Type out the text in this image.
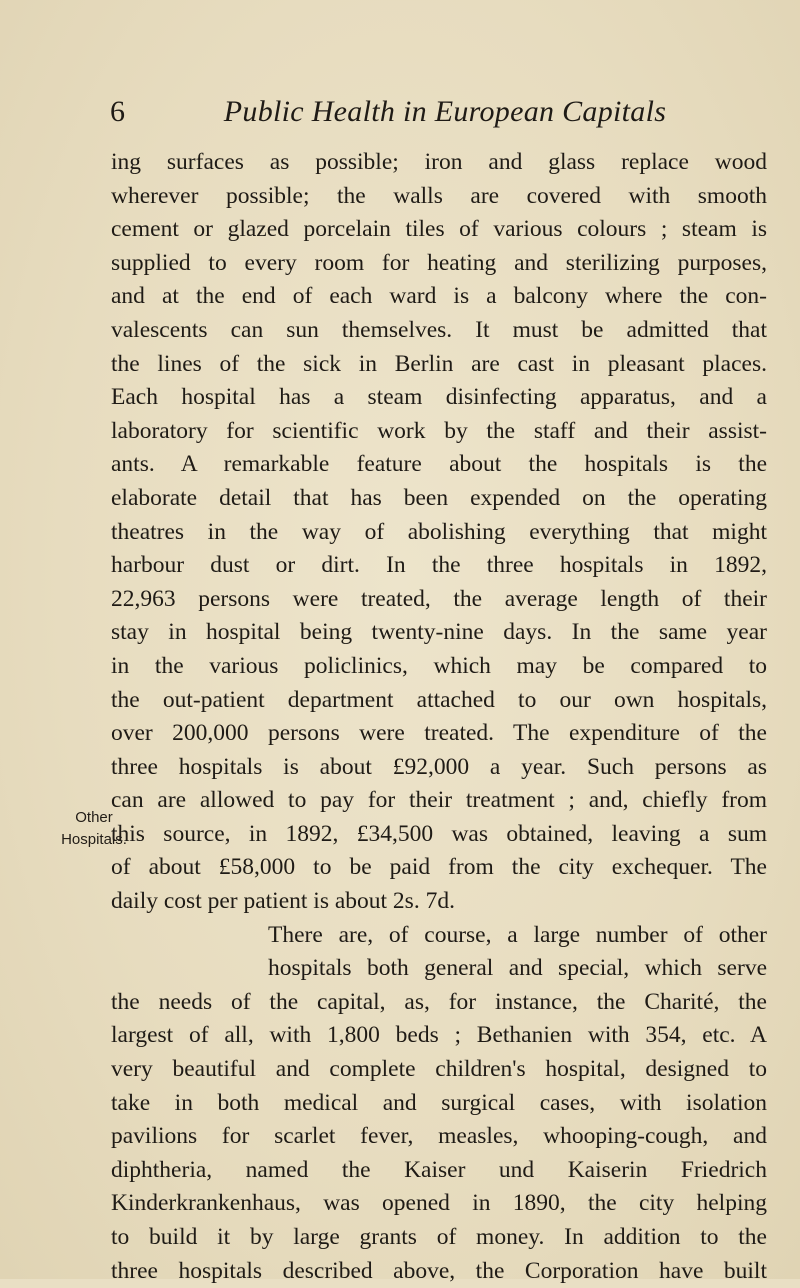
6	Public Health in European Capitals
Other
Hospitals.
ing surfaces as possible; iron and glass replace wood
wherever possible; the walls are covered with smooth
cement or glazed porcelain tiles of various colours ; steam is
supplied to every room for heating and sterilizing purposes,
and at the end of each ward is a balcony where the con-
valescents can sun themselves. It must be admitted that
the lines of the sick in Berlin are cast in pleasant places.
Each hospital has a steam disinfecting apparatus, and a
laboratory for scientific work by the staff and their assist-
ants. A remarkable feature about the hospitals is the
elaborate detail that has been expended on the operating
theatres in the way of abolishing everything that might
harbour dust or dirt. In the three hospitals in 1892,
22,963 persons were treated, the average length of their
stay in hospital being twenty-nine days. In the same year
in the various policlinics, which may be compared to
the out-patient department attached to our own hospitals,
over 200,000 persons were treated. The expenditure of the
three hospitals is about £92,000 a year. Such persons as
can are allowed to pay for their treatment ; and, chiefly from
this source, in 1892, £34,500 was obtained, leaving a sum
of about £58,000 to be paid from the city exchequer. The
daily cost per patient is about 2s. 7d.
There are, of course, a large number of other
hospitals both general and special, which serve
the needs of the capital, as, for instance, the Charité, the
largest of all, with 1,800 beds ; Bethanien with 354, etc. A
very beautiful and complete children's hospital, designed to
take in both medical and surgical cases, with isolation
pavilions for scarlet fever, measles, whooping-cough, and
diphtheria, named the Kaiser und Kaiserin Friedrich
Kinderkrankenhaus, was opened in 1890, the city helping
to build it by large grants of money. In addition to the
three hospitals described above, the Corporation have built
